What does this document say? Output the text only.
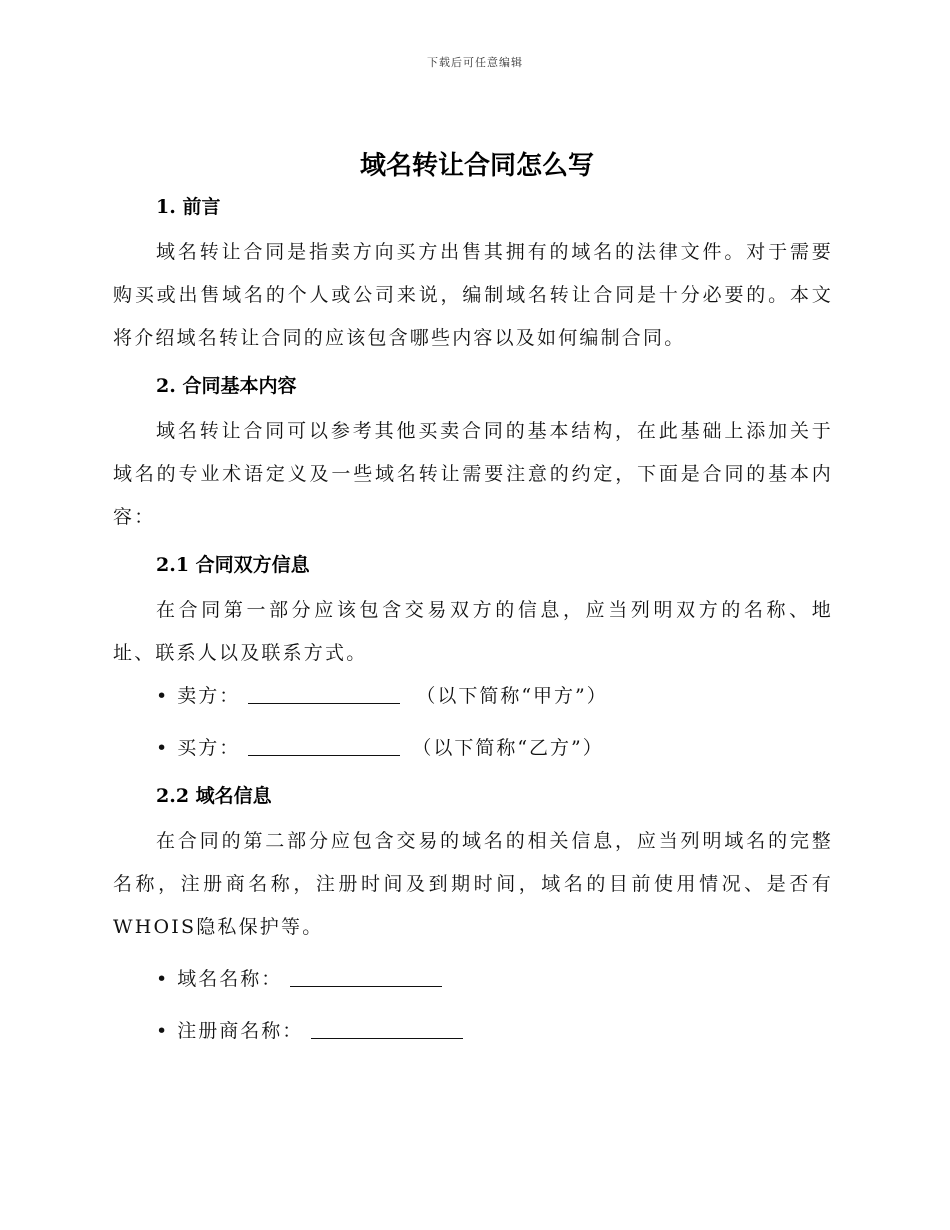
下载后可任意编辑
域名转让合同怎么写
1. 前言

域名转让合同是指卖方向买方出售其拥有的域名的法律文件。对于需要购买或出售域名的个人或公司来说，编制域名转让合同是十分必要的。本文将介绍域名转让合同的应该包含哪些内容以及如何编制合同。

2. 合同基本内容

域名转让合同可以参考其他买卖合同的基本结构，在此基础上添加关于域名的专业术语定义及一些域名转让需要注意的约定，下面是合同的基本内容：

2.1 合同双方信息

在合同第一部分应该包含交易双方的信息，应当列明双方的名称、地址、联系人以及联系方式。

• 卖方：	（以下简称“甲方”）
• 买方：	（以下简称“乙方”）
2.2 域名信息

在合同的第二部分应包含交易的域名的相关信息，应当列明域名的完整名称，注册商名称，注册时间及到期时间，域名的目前使用情况、是否有WHOIS隐私保护等。

• 域名名称：
• 注册商名称：
